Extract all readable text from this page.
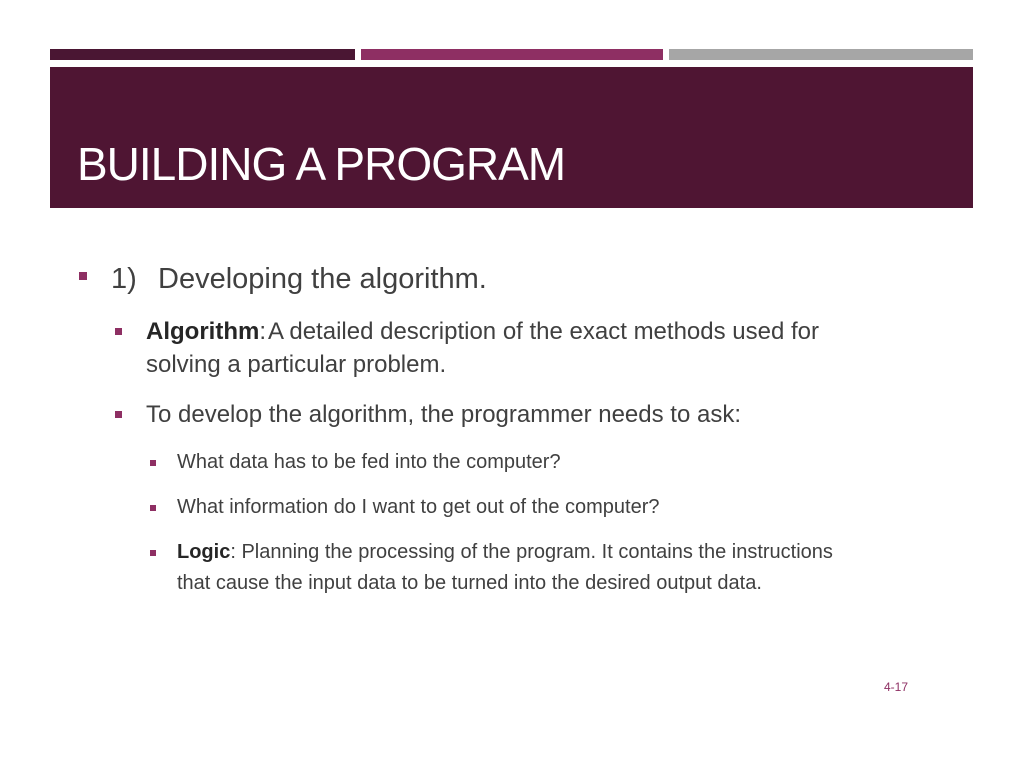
BUILDING A PROGRAM
1) Developing the algorithm.
Algorithm:A detailed description of the exact methods used for
solving a particular problem.
To develop the algorithm, the programmer needs to ask:
What data has to be fed into the computer?
What information do I want to get out of the computer?
Logic: Planning the processing of the program. It contains the instructions
that cause the input data to be turned into the desired output data.
4-17
